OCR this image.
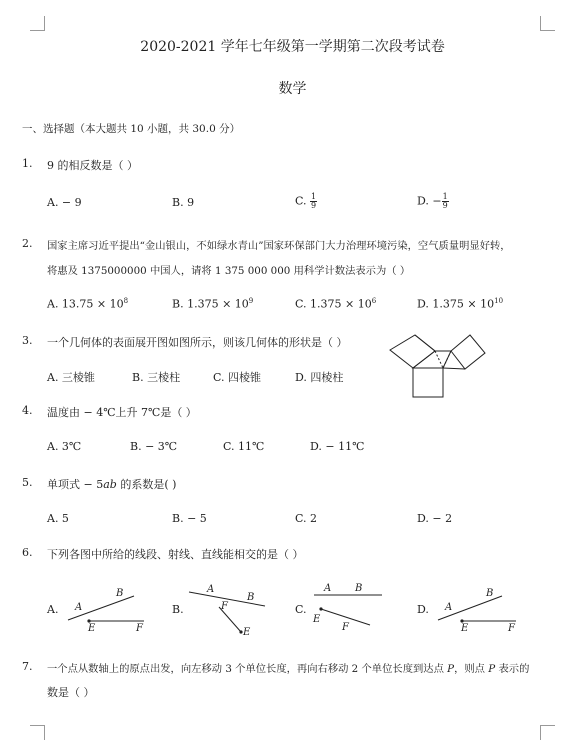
2020-2021 学年七年级第一学期第二次段考试卷
数学
一、选择题（本大题共 10 小题，共 30.0 分）
1. 9 的相反数是（ ）
A. − 9	B. 9	C. $\frac{1}{9}$	D. − $\frac{1}{9}$
2. 国家主席习近平提出“金山银山，不如绿水青山”国家环保部门大力治理环境污染，空气质量明显好转，
将惠及 1375000000 中国人，请将 1 375 000 000 用科学计数法表示为（ ）
A. $13.75 \times 10^8$	B. $1.375 \times 10^9$	C. $1.375 \times 10^6$	D. $1.375 \times 10^{10}$
3. 一个几何体的表面展开图如图所示，则该几何体的形状是（ ）
A. 三棱锥	B. 三棱柱	C. 四棱锥	D. 四棱柱
4. 温度由 − 4℃上升 7℃是（ ）
A. 3℃	B. − 3℃	C. 11℃	D. − 11℃
5. 单项式 − 5ab 的系数是( )
A. 5	B. − 5	C. 2	D. − 2
6. 下列各图中所给的线段、射线、直线能相交的是（ ）
A.	B.	C.	D.
A
B
E	F
A
B
F
E
A B
E
F
A
B
E	F
7. 一个点从数轴上的原点出发，向左移动 3 个单位长度，再向右移动 2 个单位长度到达点 P，则点 P 表示的
数是（ ）
